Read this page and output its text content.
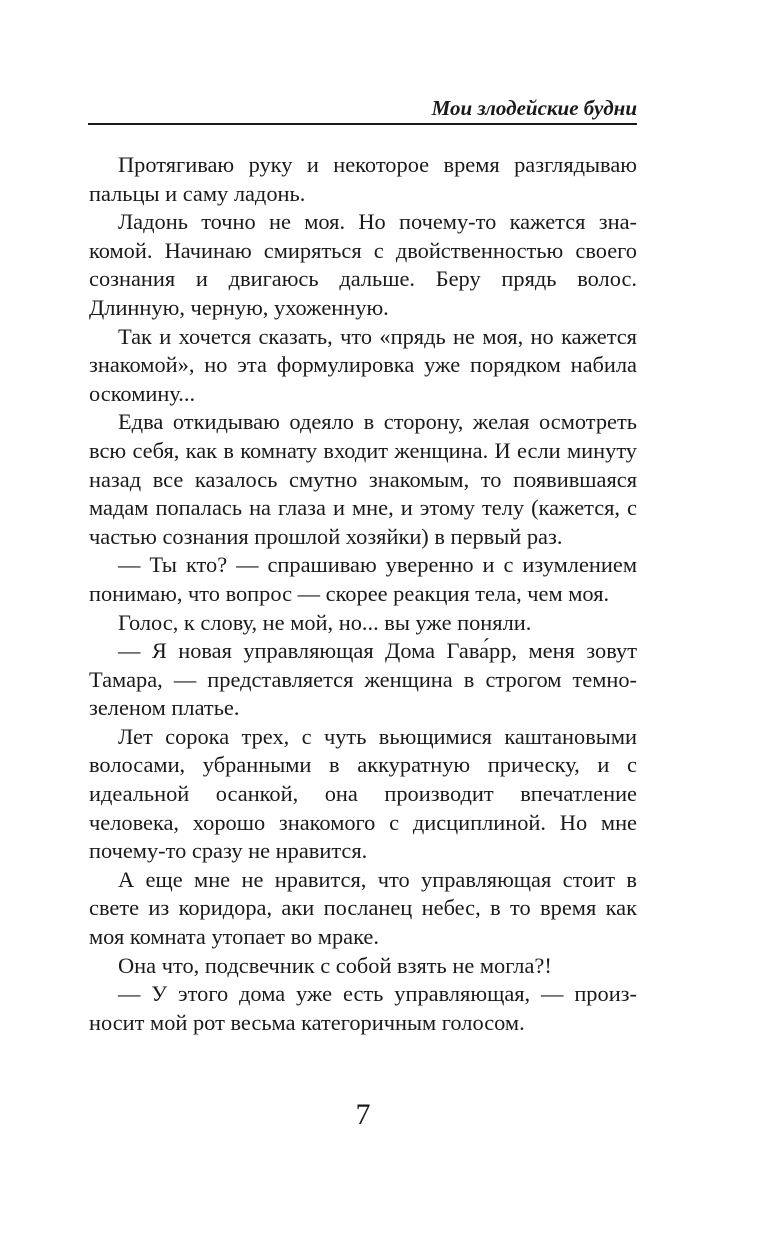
Мои злодейские будни

Протягиваю руку и некоторое время разглядываю пальцы и саму ладонь.

Ладонь точно не моя. Но почему-то кажется знакомой. Начинаю смиряться с двойственностью своего сознания и двигаюсь дальше. Беру прядь волос. Длинную, черную, ухоженную.

Так и хочется сказать, что «прядь не моя, но кажется знакомой», но эта формулировка уже порядком набила оскомину...

Едва откидываю одеяло в сторону, желая осмотреть всю себя, как в комнату входит женщина. И если минуту назад все казалось смутно знакомым, то появившаяся мадам попалась на глаза и мне, и этому телу (кажется, с частью сознания прошлой хозяйки) в первый раз.

— Ты кто? — спрашиваю уверенно и с изумлением понимаю, что вопрос — скорее реакция тела, чем моя.

Голос, к слову, не мой, но... вы уже поняли.

— Я новая управляющая Дома Гава́рр, меня зовут Тамара, — представляется женщина в строгом темно-зеленом платье.

Лет сорока трех, с чуть вьющимися каштановыми волосами, убранными в аккуратную прическу, и с идеальной осанкой, она производит впечатление человека, хорошо знакомого с дисциплиной. Но мне почему-то сразу не нравится.

А еще мне не нравится, что управляющая стоит в свете из коридора, аки посланец небес, в то время как моя комната утопает во мраке.

Она что, подсвечник с собой взять не могла?!

— У этого дома уже есть управляющая, — произносит мой рот весьма категоричным голосом.

7
